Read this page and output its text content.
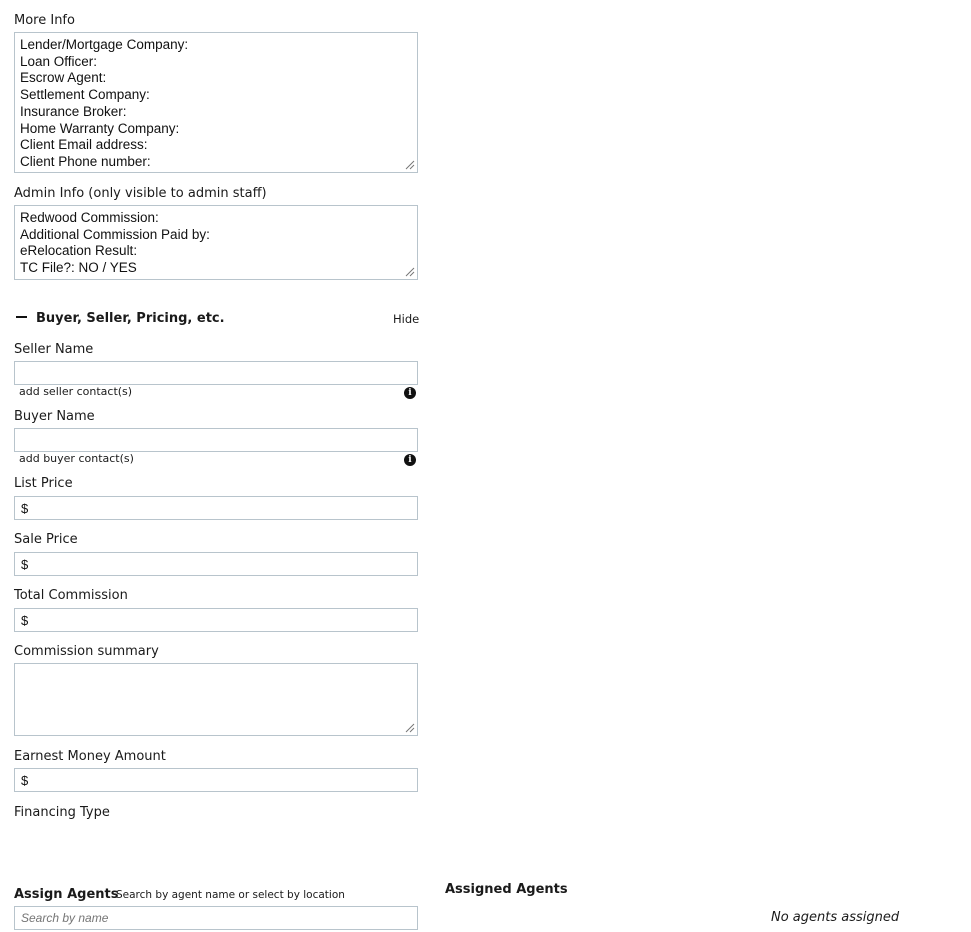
More Info
Lender/Mortgage Company:
Loan Officer:
Escrow Agent:
Settlement Company:
Insurance Broker:
Home Warranty Company:
Client Email address:
Client Phone number:
Admin Info (only visible to admin staff)
Redwood Commission:
Additional Commission Paid by:
eRelocation Result:
TC File?: NO / YES
Buyer, Seller, Pricing, etc.	Hide
Seller Name
add seller contact(s)	i
Buyer Name
add buyer contact(s)	i
List Price
$
Sale Price
$
Total Commission
$
Commission summary
Earnest Money Amount
$
Financing Type
Assign Agents
Search by agent name or select by location
Search by name	Assigned Agents
No agents assigned
